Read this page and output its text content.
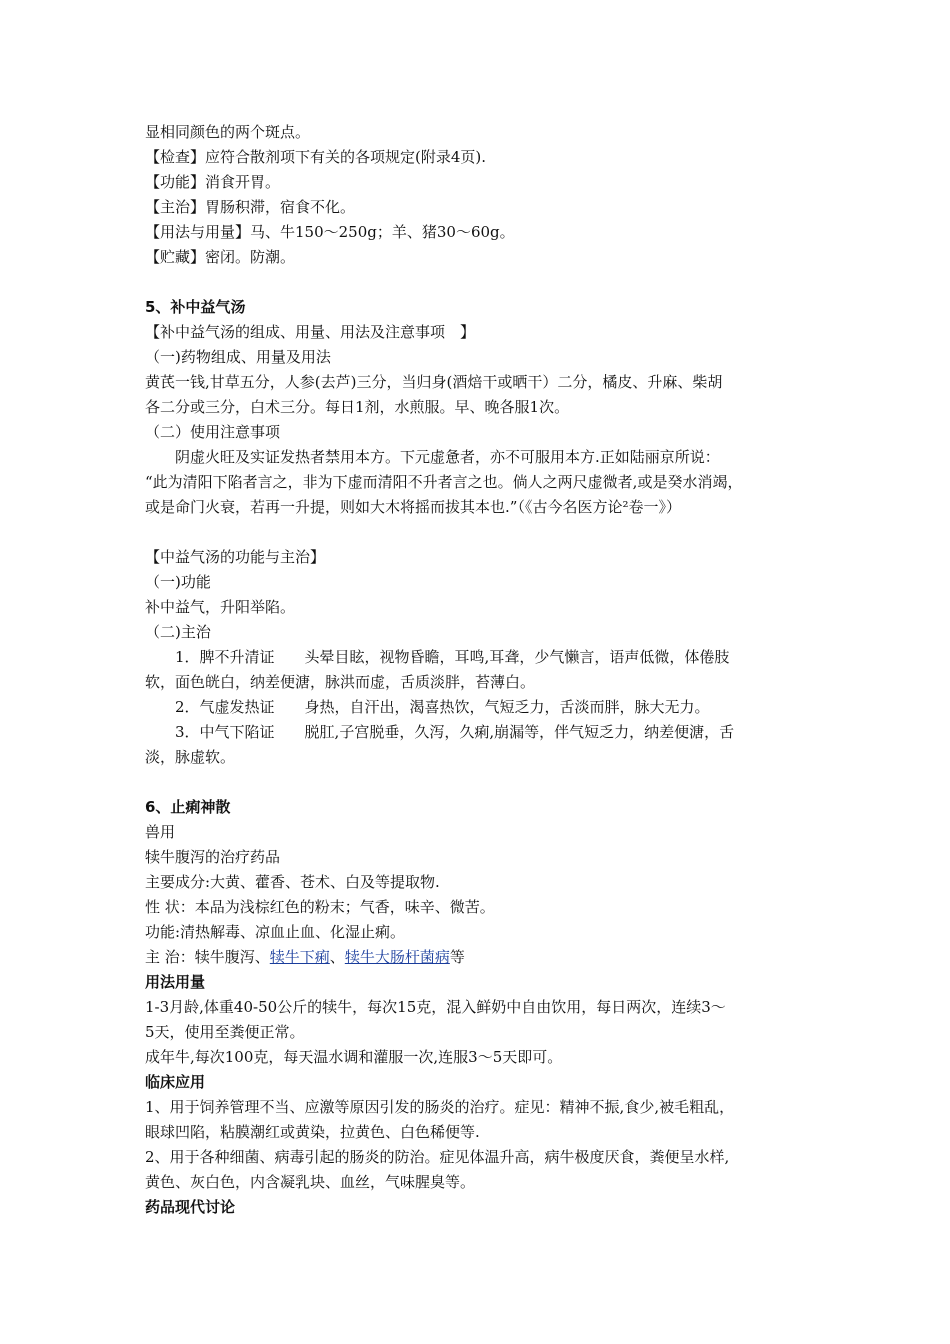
显相同颜色的两个斑点。
【检查】应符合散剂项下有关的各项规定(附录4页).
【功能】消食开胃。
【主治】胃肠积滞，宿食不化。
【用法与用量】马、牛150～250g；羊、猪30～60g。
【贮藏】密闭。防潮。
5、补中益气汤
【补中益气汤的组成、用量、用法及注意事项　】
（一)药物组成、用量及用法
黄芪一钱,甘草五分，人参(去芦)三分，当归身(酒焙干或晒干）二分，橘皮、升麻、柴胡
各二分或三分，白术三分。每日1剂，水煎服。早、晚各服1次。
（二）使用注意事项
阴虚火旺及实证发热者禁用本方。下元虚惫者，亦不可服用本方.正如陆丽京所说：
“此为清阳下陷者言之，非为下虚而清阳不升者言之也。倘人之两尺虚微者,或是癸水消竭，
或是命门火衰，若再一升提，则如大木将摇而拔其本也.”（《古今名医方论²卷一》）
【中益气汤的功能与主治】
（一)功能
补中益气，升阳举陷。
（二)主治
1．脾不升清证 头晕目眩，视物昏瞻，耳鸣,耳聋，少气懒言，语声低微，体倦肢
软，面色㿠白，纳差便溏，脉洪而虚，舌质淡胖，苔薄白。
2．气虚发热证 身热，自汗出，渴喜热饮，气短乏力，舌淡而胖，脉大无力。
3．中气下陷证 脱肛,子宫脱垂，久泻，久痢,崩漏等，伴气短乏力，纳差便溏，舌
淡，脉虚软。
6、止痢神散
兽用
犊牛腹泻的治疗药品
主要成分:大黄、藿香、苍术、白及等提取物.
性 状：本品为浅棕红色的粉末；气香，味辛、微苦。
功能:清热解毒、凉血止血、化湿止痢。
主 治：犊牛腹泻、犊牛下痢、犊牛大肠杆菌病等
用法用量
1-3月龄,体重40-50公斤的犊牛，每次15克，混入鲜奶中自由饮用，每日两次，连续3～
5天，使用至粪便正常。
成年牛,每次100克，每天温水调和灌服一次,连服3～5天即可。
临床应用
1、用于饲养管理不当、应激等原因引发的肠炎的治疗。症见：精神不振,食少,被毛粗乱，
眼球凹陷，粘膜潮红或黄染，拉黄色、白色稀便等.
2、用于各种细菌、病毒引起的肠炎的防治。症见体温升高，病牛极度厌食，粪便呈水样,
黄色、灰白色，内含凝乳块、血丝，气味腥臭等。
药品现代讨论
